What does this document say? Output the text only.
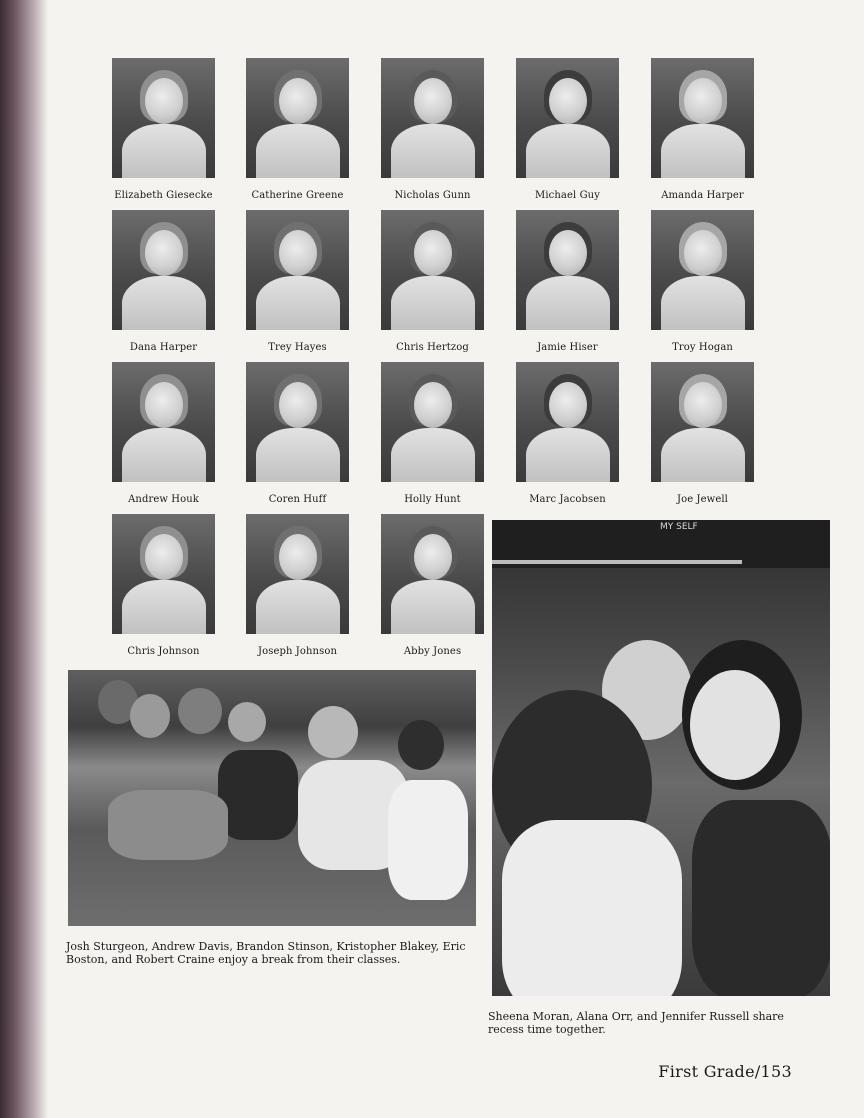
Elizabeth Giesecke	Catherine Greene	Nicholas Gunn	Michael Guy	Amanda Harper
Dana Harper	Trey Hayes	Chris Hertzog	Jamie Hiser	Troy Hogan
Andrew Houk	Coren Huff	Holly Hunt	Marc Jacobsen	Joe Jewell
Chris Johnson	Joseph Johnson	Abby Jones
Josh Sturgeon, Andrew Davis, Brandon Stinson, Kristopher Blakey, Eric Boston, and Robert Craine enjoy a break from their classes.
MY SELF
Sheena Moran, Alana Orr, and Jennifer Russell share recess time together.
First Grade/153
